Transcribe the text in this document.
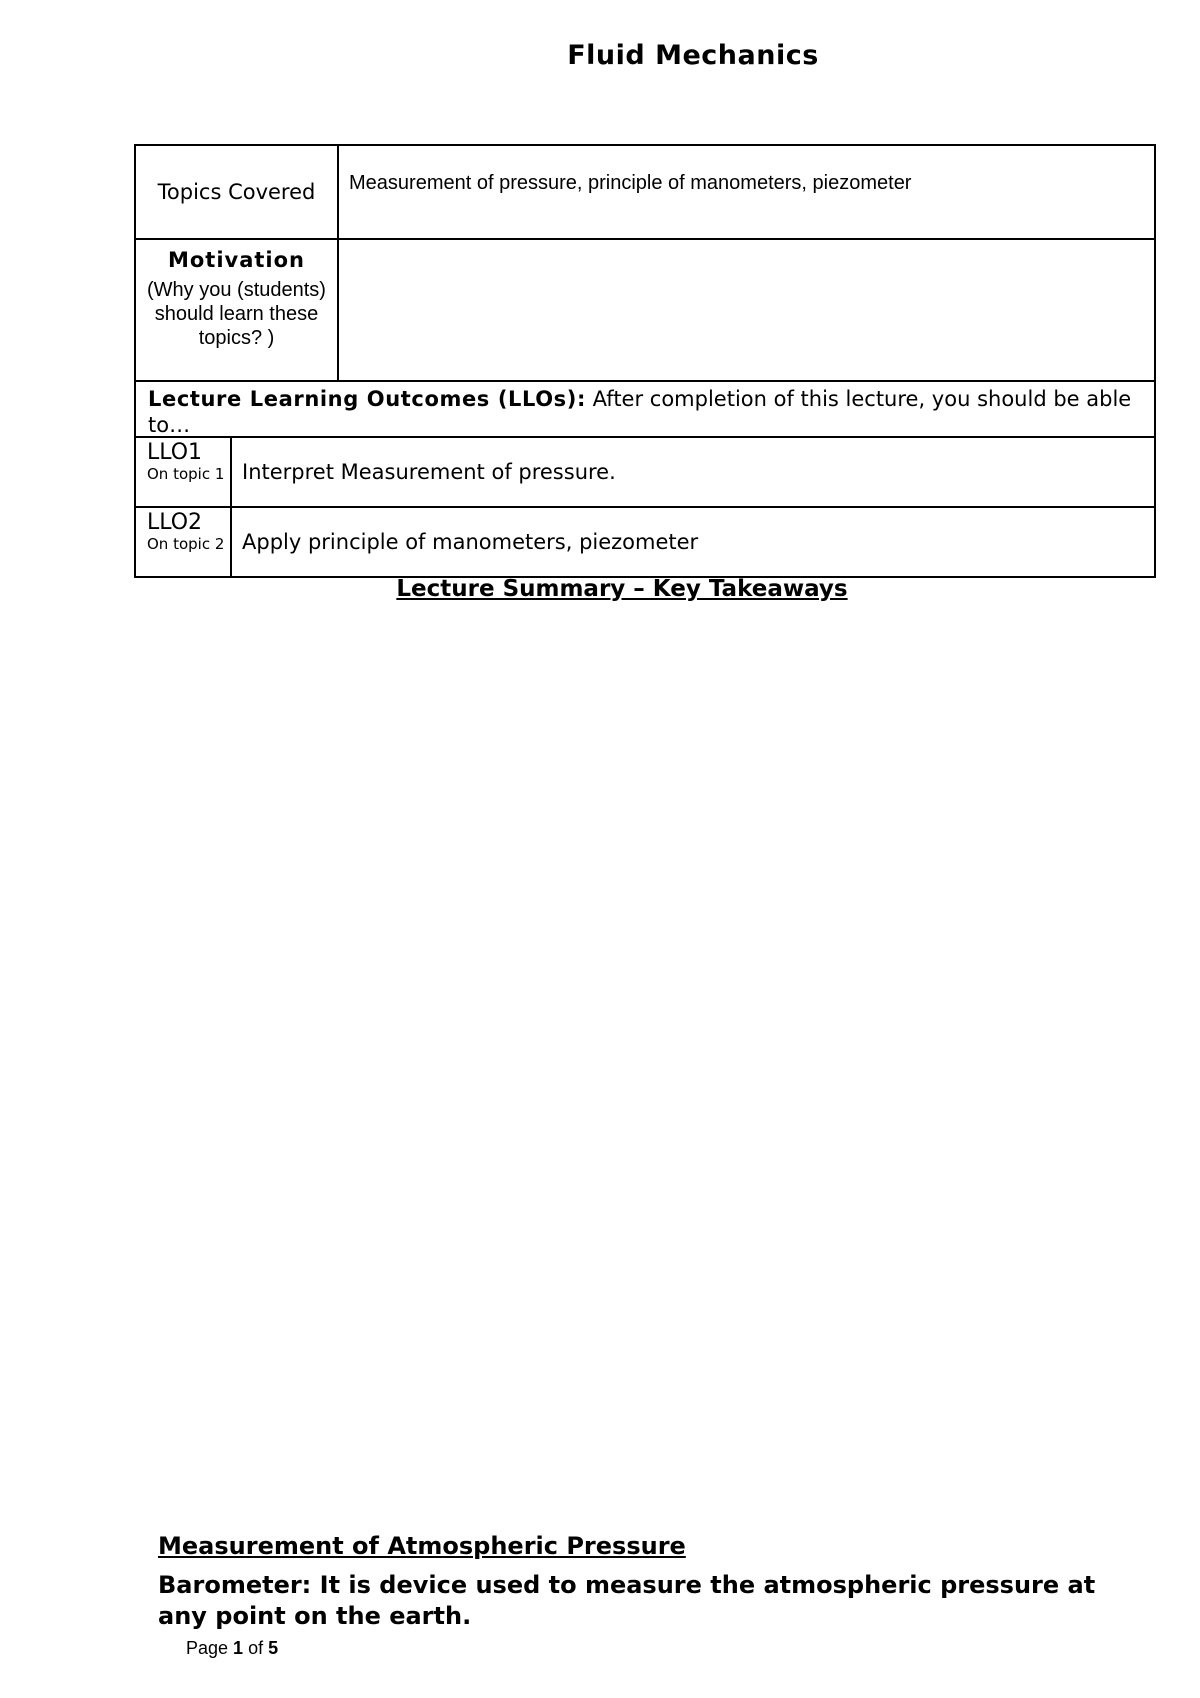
Fluid Mechanics
Topics Covered	Measurement of pressure, principle of manometers, piezometer
Motivation
(Why you (students) should learn these topics? )
Lecture Learning Outcomes (LLOs): After completion of this lecture, you should be able to…
LLO1
On topic 1 Interpret Measurement of pressure.
LLO2
On topic 2 Apply principle of manometers, piezometer
Lecture Summary – Key Takeaways
Measurement of Atmospheric Pressure
Barometer: It is device used to measure the atmospheric pressure at any point on the earth.
Page 1 of 5
